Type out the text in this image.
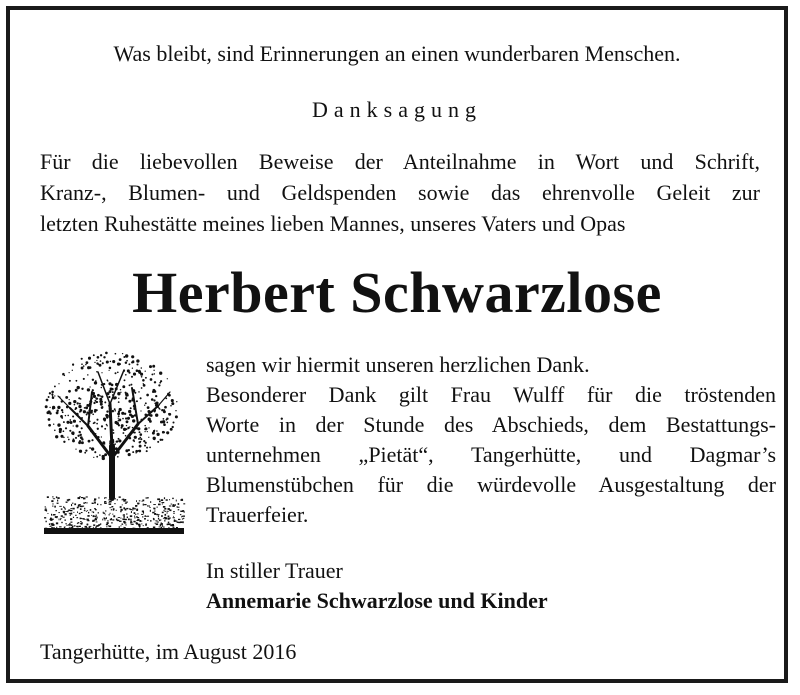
Was bleibt, sind Erinnerungen an einen wunderbaren Menschen.
Danksagung
Für die liebevollen Beweise der Anteilnahme in Wort und Schrift,
Kranz-, Blumen- und Geldspenden sowie das ehrenvolle Geleit zur
letzten Ruhestätte meines lieben Mannes, unseres Vaters und Opas
Herbert Schwarzlose
sagen wir hiermit unseren herzlichen Dank.
Besonderer Dank gilt Frau Wulff für die tröstenden
Worte in der Stunde des Abschieds, dem Bestattungs-
unternehmen „Pietät“, Tangerhütte, und Dagmar’s
Blumenstübchen für die würdevolle Ausgestaltung der
Trauerfeier.
In stiller Trauer
Annemarie Schwarzlose und Kinder
Tangerhütte, im August 2016
